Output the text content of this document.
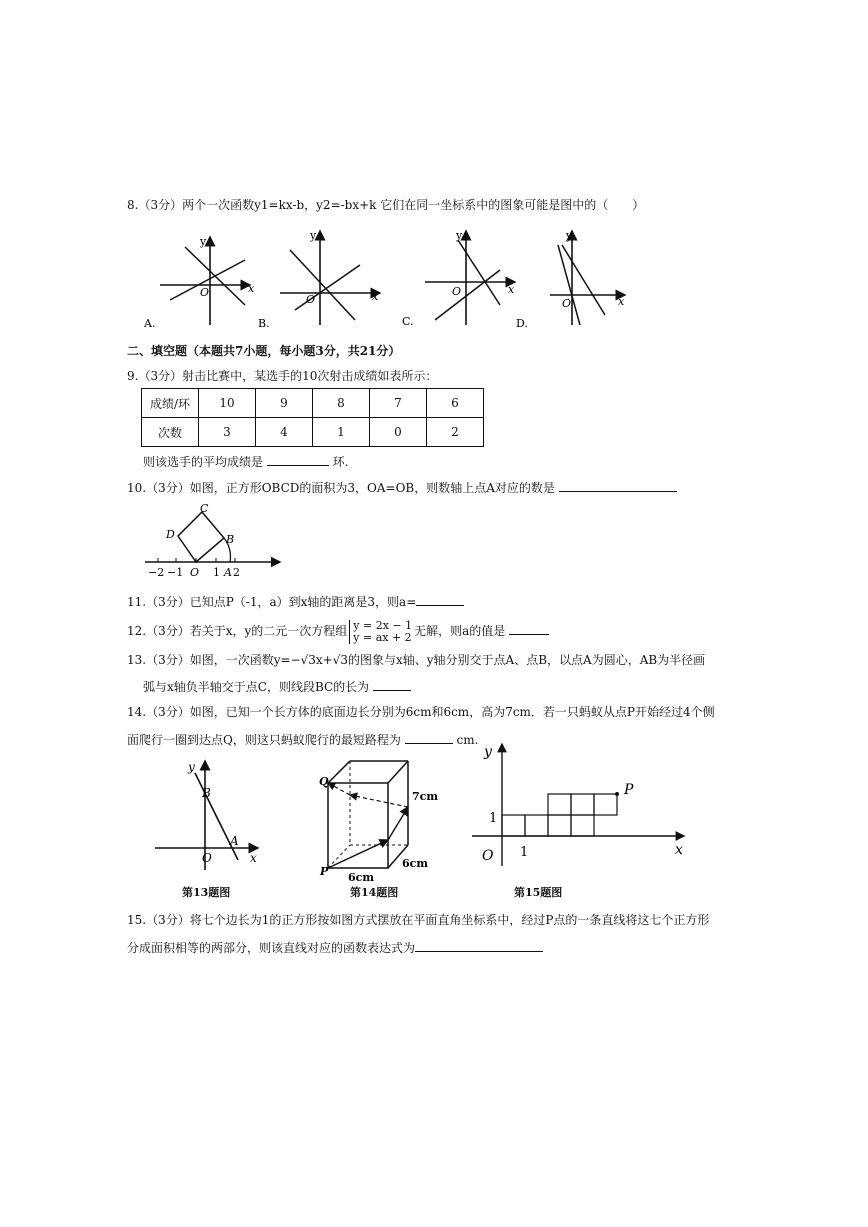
8.（3分）两个一次函数y1=kx-b，y2=-bx+k 它们在同一坐标系中的图象可能是图中的（　　）
y
x
O
A.
y
x
O
B.
y
x
O
C.
y
x
O
D.
二、填空题（本题共7小题，每小题3分，共21分）
9.（3分）射击比赛中，某选手的10次射击成绩如表所示：
成绩/环	10	9	8	7	6
次数	3	4	1	0	2
则该选手的平均成绩是	环.
10.（3分）如图，正方形OBCD的面积为3，OA=OB，则数轴上点A对应的数是
C
D	B
O A
−2 −1	1 2
11.（3分）已知点P（-1，a）到x轴的距离是3，则a=
12.（3分）若关于x，y的二元一次方程组 y = 2x − 1
y = ax + 2 无解，则a的值是
13.（3分）如图，一次函数y=−√3x+√3的图象与x轴、y轴分别交于点A、点B，以点A为圆心，AB为半径画
弧与x轴负半轴交于点C，则线段BC的长为
14.（3分）如图，已知一个长方体的底面边长分别为6cm和6cm，高为7cm．若一只蚂蚁从点P开始经过4个侧
面爬行一圈到达点Q，则这只蚂蚁爬行的最短路程为	cm.
y
B
A
O	x
第13题图
Q
P
7cm
6cm
6cm
第14题图
y
x
O
1
1
P
第15题图
15.（3分）将七个边长为1的正方形按如图方式摆放在平面直角坐标系中，经过P点的一条直线将这七个正方形
分成面积相等的两部分，则该直线对应的函数表达式为
